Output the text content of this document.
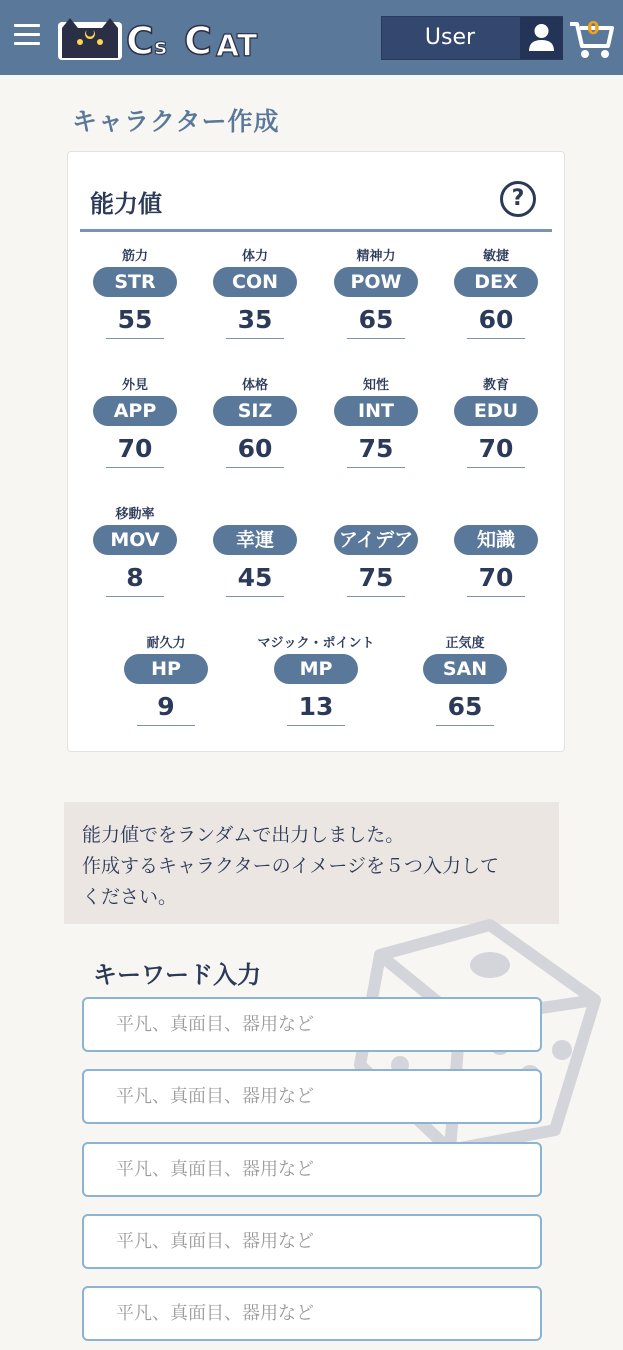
C s C AT	User	0
キャラクター作成
能力値	?
筋力
STR
55
体力
CON
35
精神力
POW
65
敏捷
DEX
60
外見
APP
70
体格
SIZ
60
知性
INT
75
教育
EDU
70
移動率
MOV
8
幸運
45
アイデア
75
知識
70
耐久力
HP
9
マジック・ポイント
MP
13
正気度
SAN
65
能力値でをランダムで出力しました。
作成するキャラクターのイメージを５つ入力して
ください。
キーワード入力
平凡、真面目、器用など
平凡、真面目、器用など
平凡、真面目、器用など
平凡、真面目、器用など
平凡、真面目、器用など
